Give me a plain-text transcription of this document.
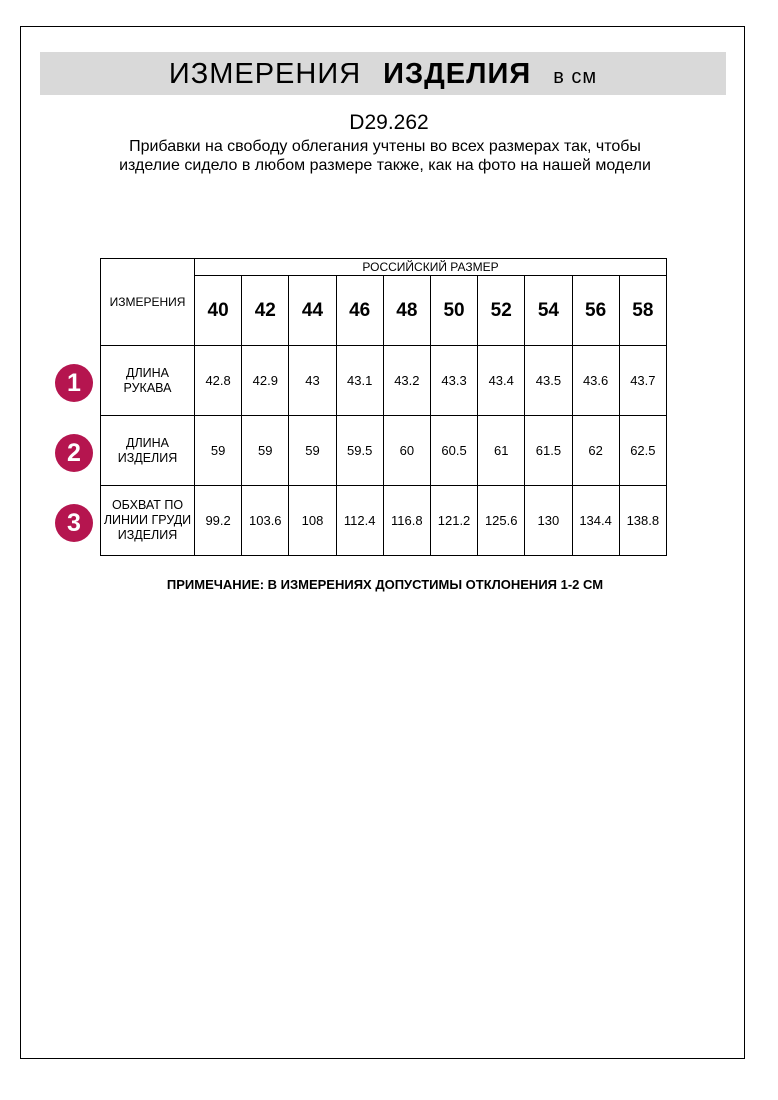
ИЗМЕРЕНИЯ ИЗДЕЛИЯ в см
D29.262
Прибавки на свободу облегания учтены во всех размерах так, чтобы изделие сидело в любом размере также, как на фото на нашей модели
ИЗМЕРЕНИЯ	РОССИЙСКИЙ РАЗМЕР									
	40	42	44	46	48	50	52	54	56	58
ДЛИНА РУКАВА	42.8	42.9	43	43.1	43.2	43.3	43.4	43.5	43.6	43.7
ДЛИНА ИЗДЕЛИЯ	59	59	59	59.5	60	60.5	61	61.5	62	62.5
ОБХВАТ ПО ЛИНИИ ГРУДИ ИЗДЕЛИЯ	99.2	103.6	108	112.4	116.8	121.2	125.6	130	134.4	138.8
1
2
3
ПРИМЕЧАНИЕ: В ИЗМЕРЕНИЯХ ДОПУСТИМЫ ОТКЛОНЕНИЯ 1-2 СМ
